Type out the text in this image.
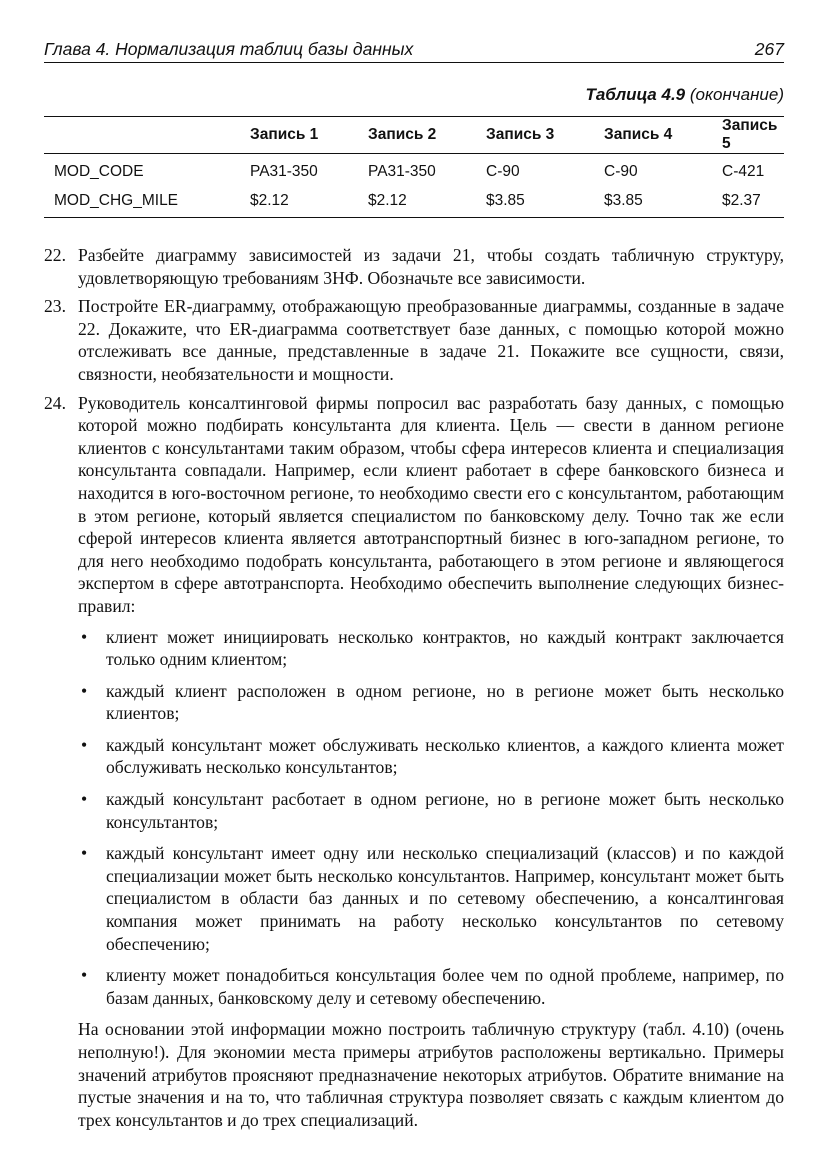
Глава 4. Нормализация таблиц базы данных	267
Таблица 4.9 (окончание)
	Запись 1	Запись 2	Запись 3	Запись 4	Запись 5
MOD_CODE	PA31-350	PA31-350	C-90	C-90	C-421
MOD_CHG_MILE	$2.12	$2.12	$3.85	$3.85	$2.37
22. Разбейте диаграмму зависимостей из задачи 21, чтобы создать табличную структуру, удовлетворяющую требованиям 3НФ. Обозначьте все зависимости.
23. Постройте ER-диаграмму, отображающую преобразованные диаграммы, созданные в задаче 22. Докажите, что ER-диаграмма соответствует базе данных, с помощью которой можно отслеживать все данные, представленные в задаче 21. Покажите все сущности, связи, связности, необязательности и мощности.
24. Руководитель консалтинговой фирмы попросил вас разработать базу данных, с помощью которой можно подбирать консультанта для клиента. Цель — свести в данном регионе клиентов с консультантами таким образом, чтобы сфера интересов клиента и специализация консультанта совпадали. Например, если клиент работает в сфере банковского бизнеса и находится в юго-восточном регионе, то необходимо свести его с консультантом, работающим в этом регионе, который является специалистом по банковскому делу. Точно так же если сферой интересов клиента является автотранспортный бизнес в юго-западном регионе, то для него необходимо подобрать консультанта, работающего в этом регионе и являющегося экспертом в сфере автотранспорта. Необходимо обеспечить выполнение следующих бизнес-правил:
• клиент может инициировать несколько контрактов, но каждый контракт заключается только одним клиентом;
• каждый клиент расположен в одном регионе, но в регионе может быть несколько клиентов;
• каждый консультант может обслуживать несколько клиентов, а каждого клиента может обслуживать несколько консультантов;
• каждый консультант расботает в одном регионе, но в регионе может быть несколько консультантов;
• каждый консультант имеет одну или несколько специализаций (классов) и по каждой специализации может быть несколько консультантов. Например, консультант может быть специалистом в области баз данных и по сетевому обеспечению, а консалтинговая компания может принимать на работу несколько консультантов по сетевому обеспечению;
• клиенту может понадобиться консультация более чем по одной проблеме, например, по базам данных, банковскому делу и сетевому обеспечению.
На основании этой информации можно построить табличную структуру (табл. 4.10) (очень неполную!). Для экономии места примеры атрибутов расположены вертикально. Примеры значений атрибутов проясняют предназначение некоторых атрибутов. Обратите внимание на пустые значения и на то, что табличная структура позволяет связать с каждым клиентом до трех консультантов и до трех специализаций.
